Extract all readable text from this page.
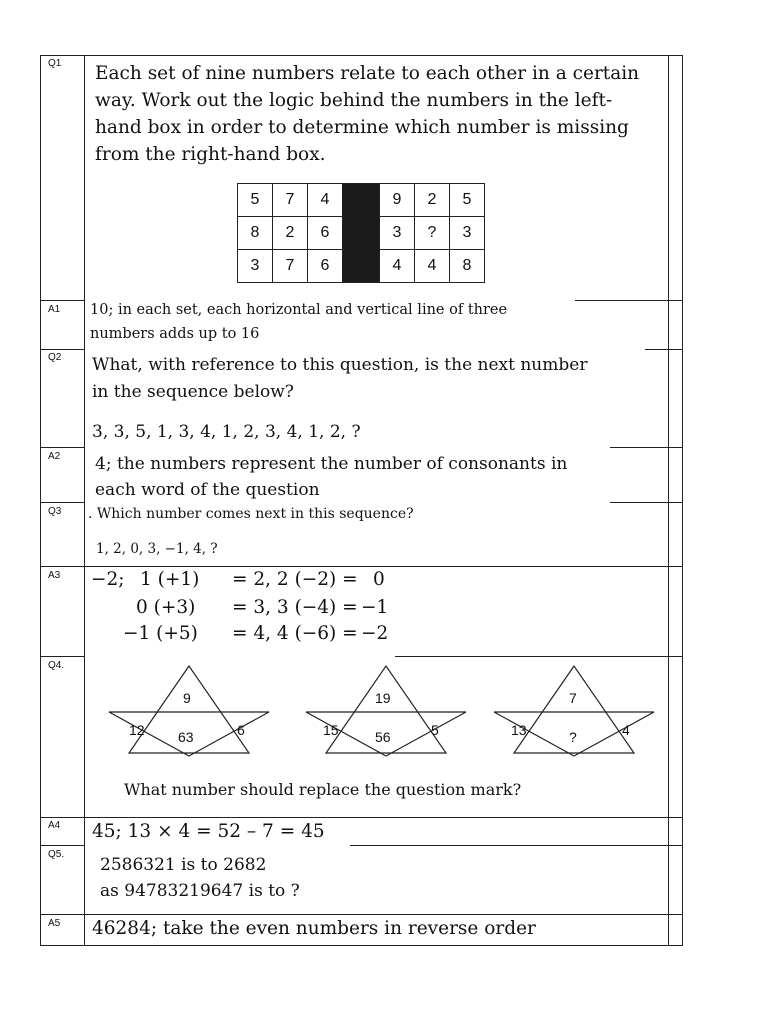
Q1
A1
Q2
A2
Q3
A3
Q4.
A4
Q5.
A5
Each set of nine numbers relate to each other in a certain
way. Work out the logic behind the numbers in the left-
hand box in order to determine which number is missing
from the right-hand box.
5	7	4		9	2	5
8	2	6		3	?	3
3	7	6		4	4	8
10; in each set, each horizontal and vertical line of three
numbers adds up to 16
What, with reference to this question, is the next number
in the sequence below?
3, 3, 5, 1, 3, 4, 1, 2, 3, 4, 1, 2, ?
4; the numbers represent the number of consonants in
each word of the question
. Which number comes next in this sequence?
1, 2, 0, 3, −1, 4, ?
−2; 1 (+1) = 2, 2 (−2) = 0
0 (+3) = 3, 3 (−4) = −1
−1 (+5) = 4, 4 (−6) = −2
9
12 63	6
19
15	56	5
7
13	?	4
What number should replace the question mark?
45; 13 × 4 = 52 – 7 = 45
2586321 is to 2682
as 94783219647 is to ?
46284; take the even numbers in reverse order
